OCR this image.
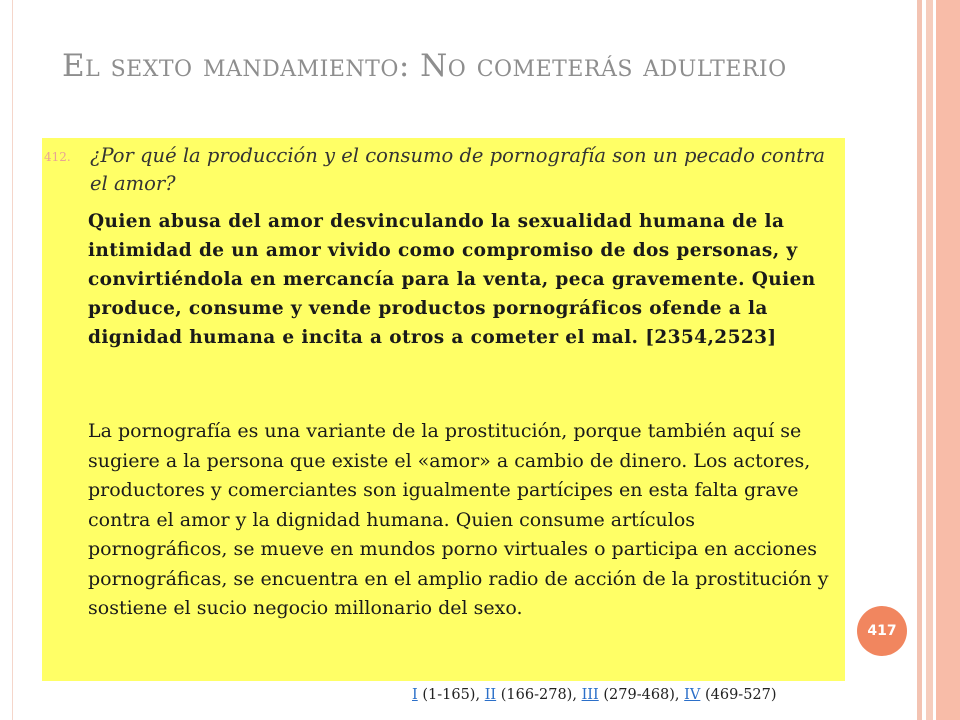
El sexto mandamiento: No cometerás adulterio
412. ¿Por qué la producción y el consumo de pornografía son un pecado contra el amor?

Quien abusa del amor desvinculando la sexualidad humana de la intimidad de un amor vivido como compromiso de dos personas, y convirtiéndola en mercancía para la venta, peca gravemente. Quien produce, consume y vende productos pornográficos ofende a la dignidad humana e incita a otros a cometer el mal. [2354,2523]

La pornografía es una variante de la prostitución, porque también aquí se sugiere a la persona que existe el «amor» a cambio de dinero. Los actores, productores y comerciantes son igualmente partícipes en esta falta grave contra el amor y la dignidad humana. Quien consume artículos pornográficos, se mueve en mundos porno virtuales o participa en acciones pornográficas, se encuentra en el amplio radio de acción de la prostitución y sostiene el sucio negocio millonario del sexo.

417
I (1-165), II (166-278), III (279-468), IV (469-527)
